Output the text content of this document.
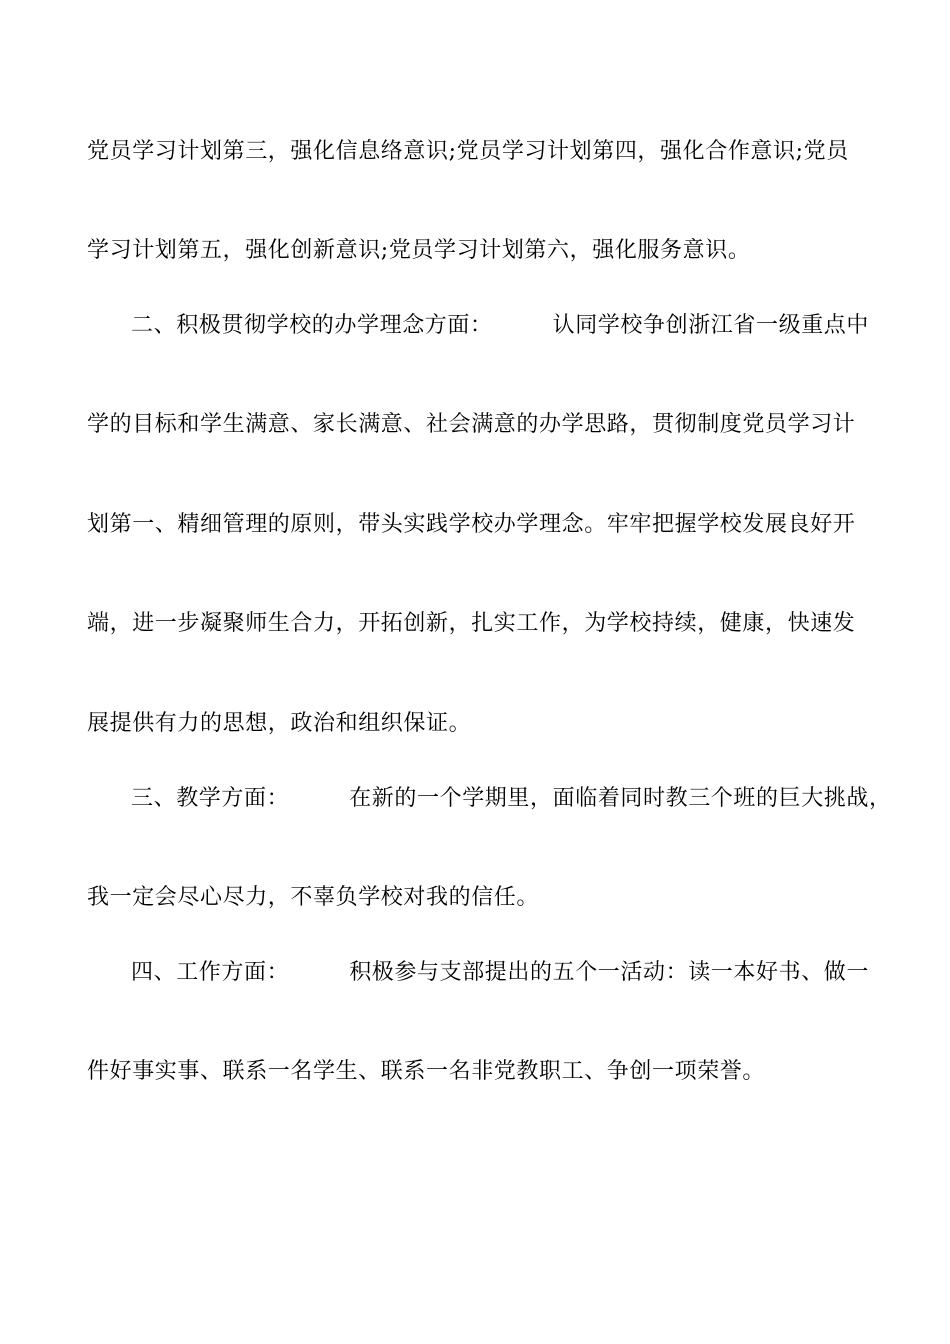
党员学习计划第三，强化信息络意识;党员学习计划第四，强化合作意识;党员
学习计划第五，强化创新意识;党员学习计划第六，强化服务意识。
二、积极贯彻学校的办学理念方面：	认同学校争创浙江省一级重点中
学的目标和学生满意、家长满意、社会满意的办学思路，贯彻制度党员学习计
划第一、精细管理的原则，带头实践学校办学理念。牢牢把握学校发展良好开
端，进一步凝聚师生合力，开拓创新，扎实工作，为学校持续，健康，快速发
展提供有力的思想，政治和组织保证。
三、教学方面：	在新的一个学期里，面临着同时教三个班的巨大挑战，
我一定会尽心尽力，不辜负学校对我的信任。
四、工作方面：	积极参与支部提出的五个一活动：读一本好书、做一
件好事实事、联系一名学生、联系一名非党教职工、争创一项荣誉。
